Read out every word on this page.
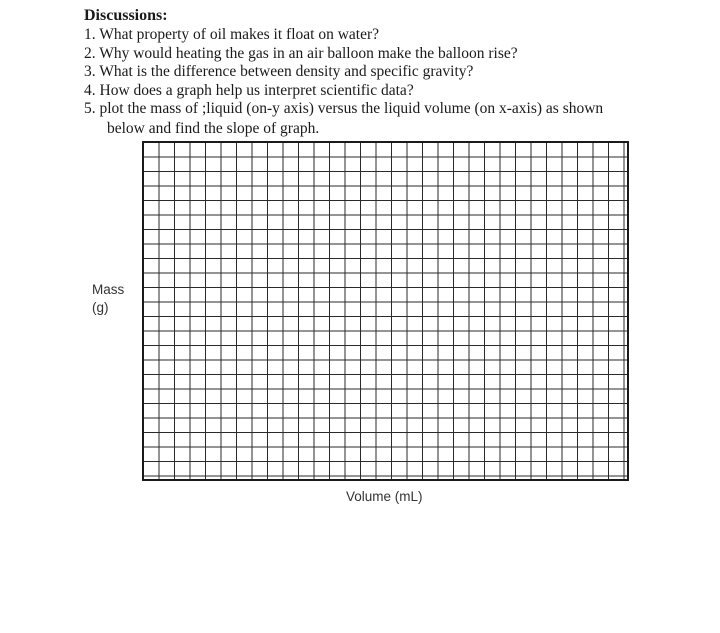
Discussions:
1. What property of oil makes it float on water?
2. Why would heating the gas in an air balloon make the balloon rise?
3. What is the difference between density and specific gravity?
4. How does a graph help us interpret scientific data?
5. plot the mass of ;liquid (on-y axis) versus the liquid volume (on x-axis) as shown
below and find the slope of graph.
Mass
(g)
Volume (mL)
